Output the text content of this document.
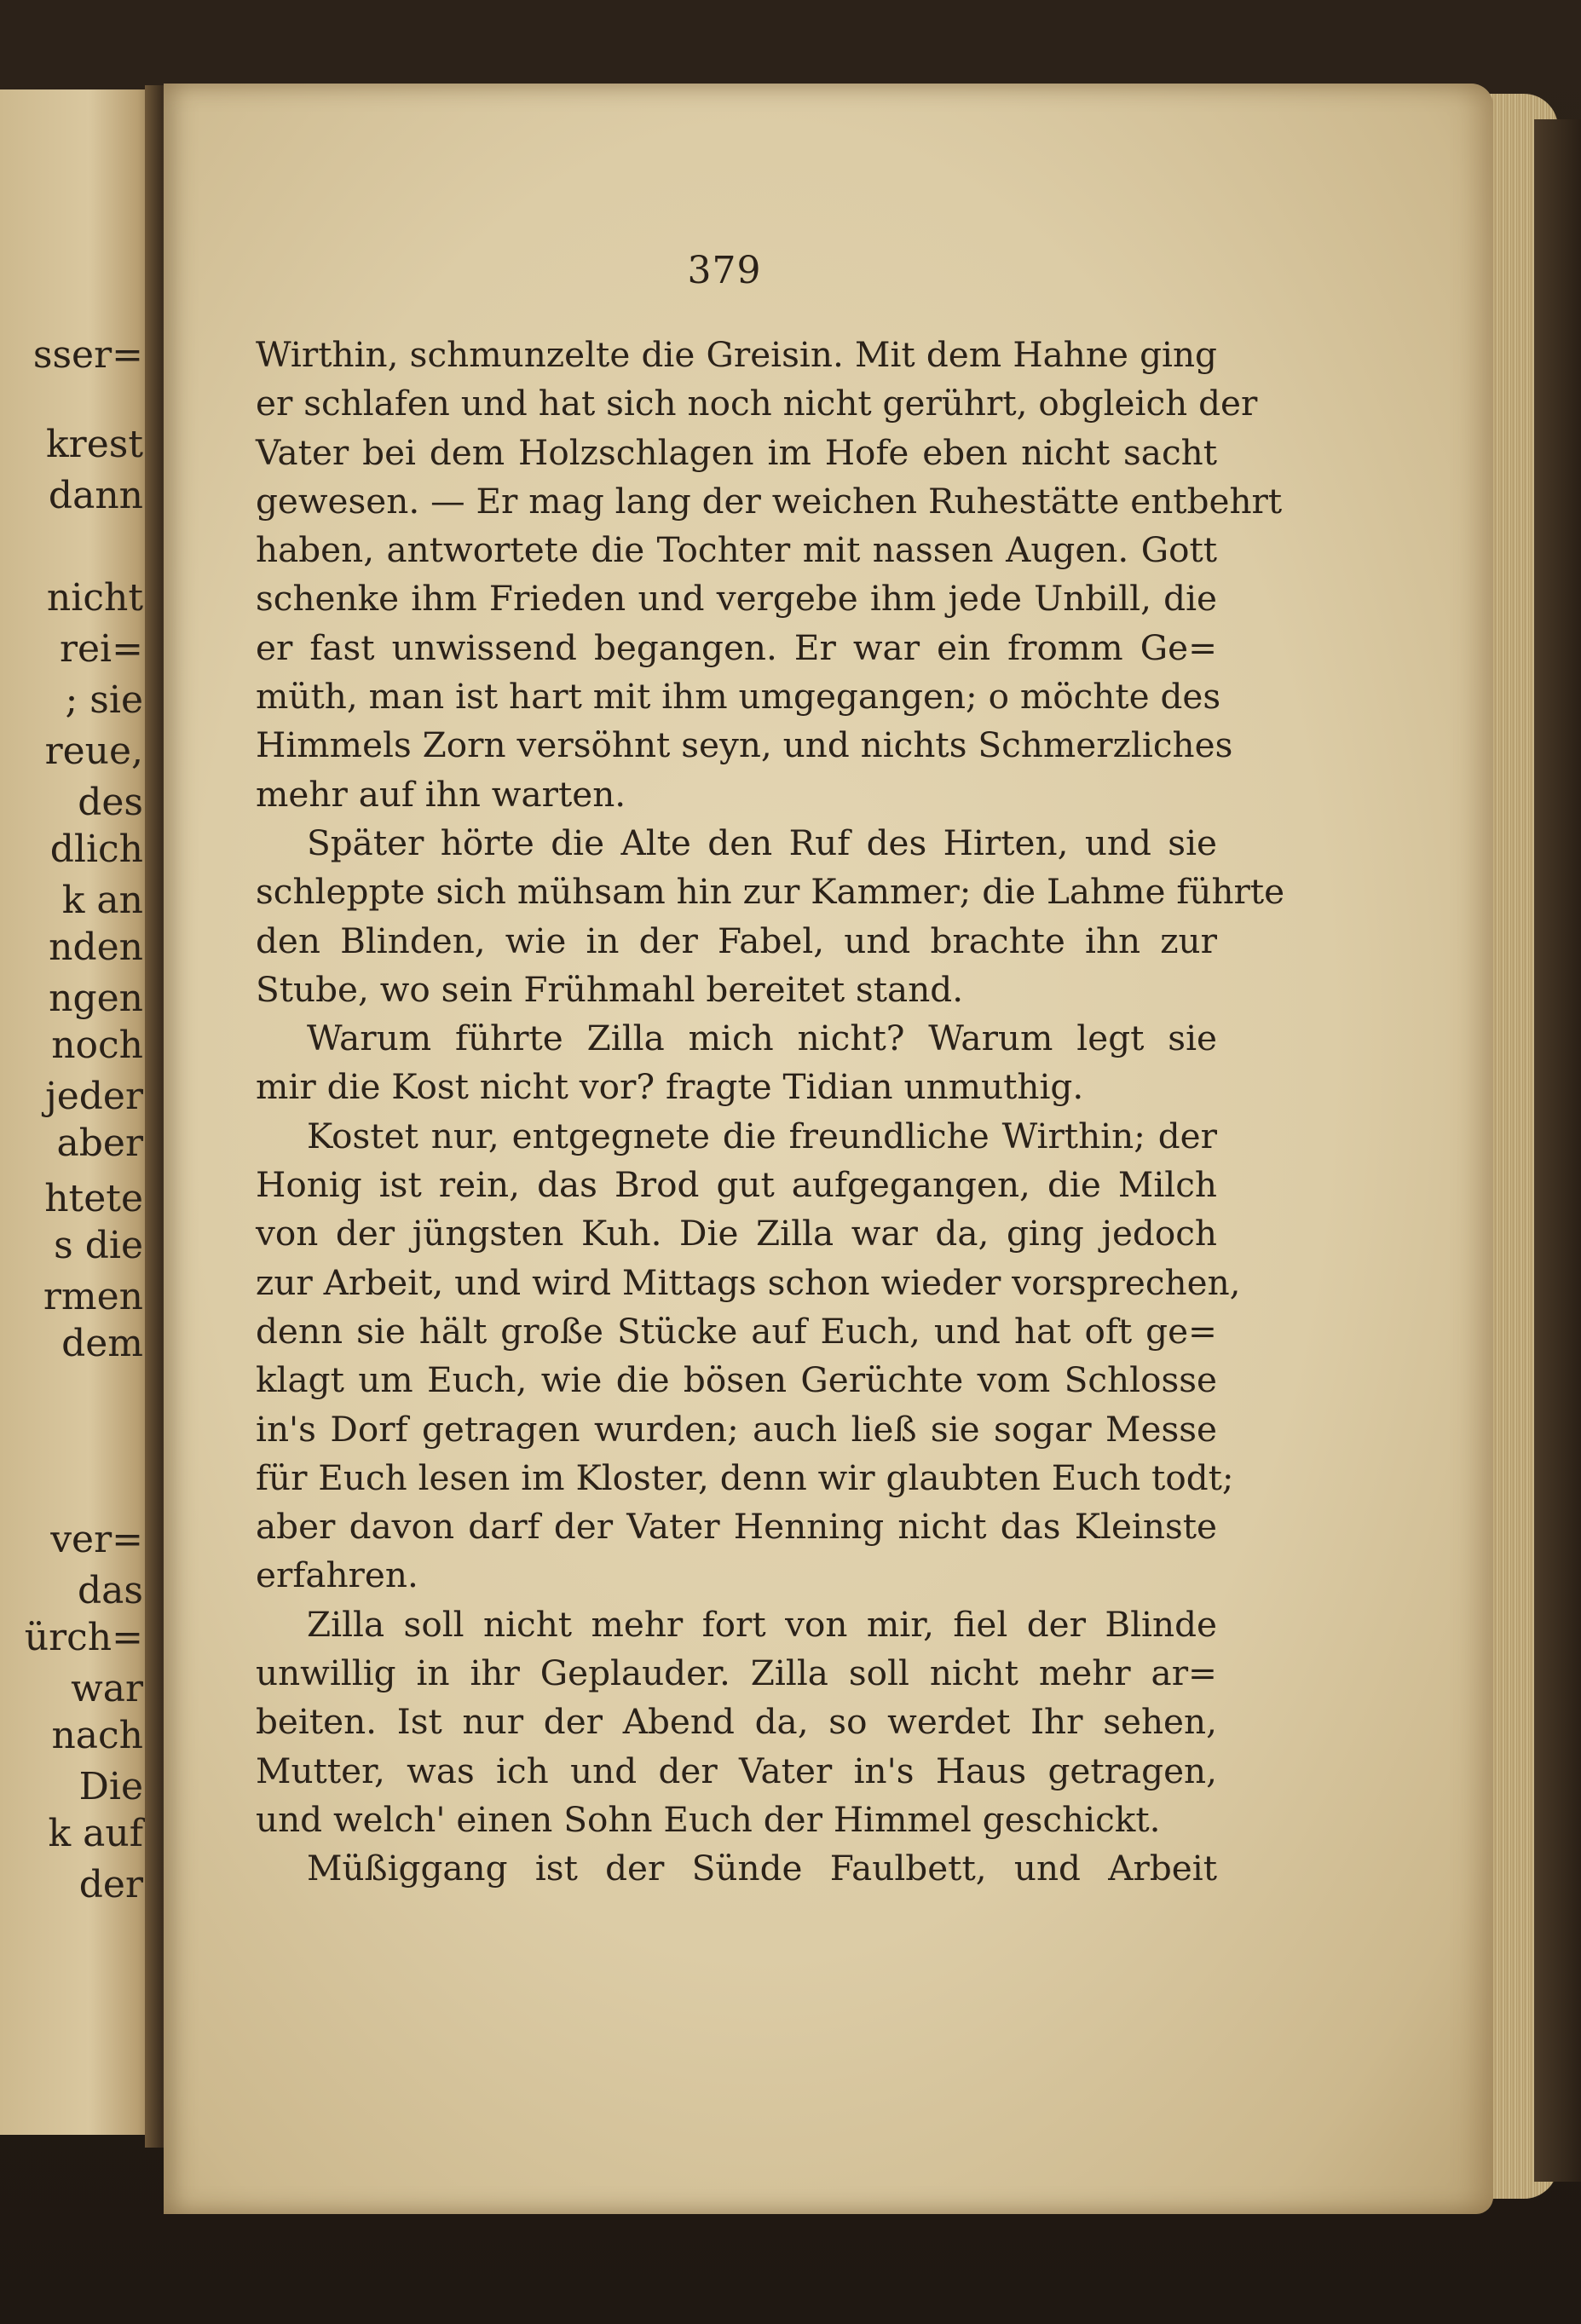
sser=
krest
dann
nicht
rei=
; sie
reue,
des
dlich
k an
nden
ngen
noch
jeder
aber
htete
s die
rmen
dem
ver=
das
ürch=
war
nach
Die
k auf
der
379
Wirthin, schmunzelte die Greisin. Mit dem Hahne ging
er schlafen und hat sich noch nicht gerührt, obgleich der
Vater bei dem Holzschlagen im Hofe eben nicht sacht
gewesen. — Er mag lang der weichen Ruhestätte entbehrt
haben, antwortete die Tochter mit nassen Augen. Gott
schenke ihm Frieden und vergebe ihm jede Unbill, die
er fast unwissend begangen. Er war ein fromm Ge=
müth, man ist hart mit ihm umgegangen; o möchte des
Himmels Zorn versöhnt seyn, und nichts Schmerzliches
mehr auf ihn warten.
Später hörte die Alte den Ruf des Hirten, und sie
schleppte sich mühsam hin zur Kammer; die Lahme führte
den Blinden, wie in der Fabel, und brachte ihn zur
Stube, wo sein Frühmahl bereitet stand.
Warum führte Zilla mich nicht? Warum legt sie
mir die Kost nicht vor? fragte Tidian unmuthig.
Kostet nur, entgegnete die freundliche Wirthin; der
Honig ist rein, das Brod gut aufgegangen, die Milch
von der jüngsten Kuh. Die Zilla war da, ging jedoch
zur Arbeit, und wird Mittags schon wieder vorsprechen,
denn sie hält große Stücke auf Euch, und hat oft ge=
klagt um Euch, wie die bösen Gerüchte vom Schlosse
in's Dorf getragen wurden; auch ließ sie sogar Messe
für Euch lesen im Kloster, denn wir glaubten Euch todt;
aber davon darf der Vater Henning nicht das Kleinste
erfahren.
Zilla soll nicht mehr fort von mir, fiel der Blinde
unwillig in ihr Geplauder. Zilla soll nicht mehr ar=
beiten. Ist nur der Abend da, so werdet Ihr sehen,
Mutter, was ich und der Vater in's Haus getragen,
und welch' einen Sohn Euch der Himmel geschickt.
Müßiggang ist der Sünde Faulbett, und Arbeit
